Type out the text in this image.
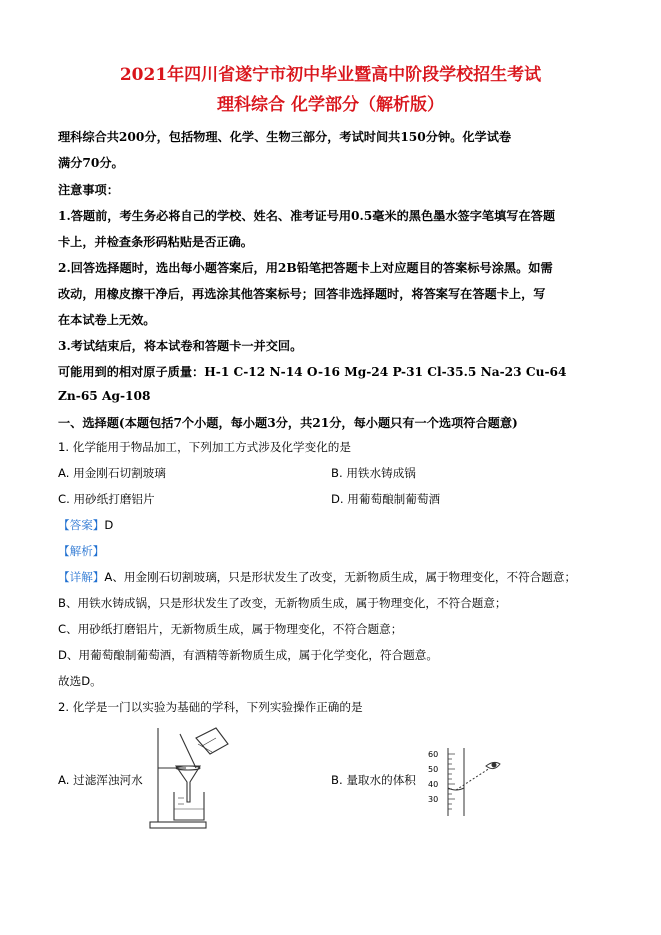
2021年四川省遂宁市初中毕业暨高中阶段学校招生考试
理科综合 化学部分（解析版）
理科综合共200分，包括物理、化学、生物三部分，考试时间共150分钟。化学试卷
满分70分。
注意事项：
1.答题前，考生务必将自己的学校、姓名、准考证号用0.5毫米的黑色墨水签字笔填写在答题
卡上，并检查条形码粘贴是否正确。
2.回答选择题时，选出每小题答案后，用2B铅笔把答题卡上对应题目的答案标号涂黑。如需
改动，用橡皮擦干净后，再选涂其他答案标号；回答非选择题时，将答案写在答题卡上，写
在本试卷上无效。
3.考试结束后，将本试卷和答题卡一并交回。
可能用到的相对原子质量：H-1 C-12 N-14 O-16 Mg-24 P-31 Cl-35.5 Na-23 Cu-64
Zn-65 Ag-108
一、选择题(本题包括7个小题，每小题3分，共21分，每小题只有一个选项符合题意)
1. 化学能用于物品加工，下列加工方式涉及化学变化的是
A. 用金刚石切割玻璃	B. 用铁水铸成锅
C. 用砂纸打磨铝片	D. 用葡萄酿制葡萄酒
【答案】D
【解析】
【详解】A、用金刚石切割玻璃，只是形状发生了改变，无新物质生成，属于物理变化，不符合题意；
B、用铁水铸成锅，只是形状发生了改变，无新物质生成，属于物理变化，不符合题意；
C、用砂纸打磨铝片，无新物质生成，属于物理变化，不符合题意；
D、用葡萄酿制葡萄酒，有酒精等新物质生成，属于化学变化，符合题意。
故选D。
2. 化学是一门以实验为基础的学科，下列实验操作正确的是
A. 过滤浑浊河水	B. 量取水的体积
60
50
40
30
